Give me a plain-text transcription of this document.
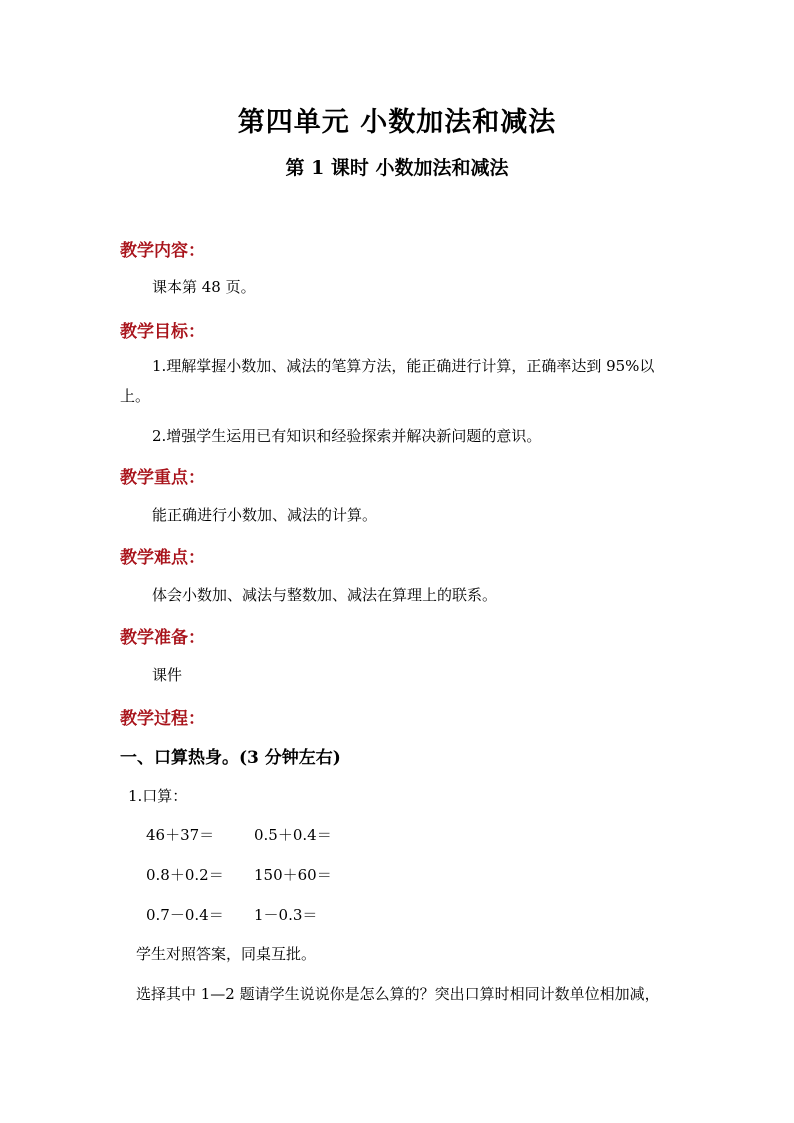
第四单元 小数加法和减法
第 1 课时 小数加法和减法
教学内容：
课本第 48 页。
教学目标：
1.理解掌握小数加、减法的笔算方法，能正确进行计算，正确率达到 95%以上。
2.增强学生运用已有知识和经验探索并解决新问题的意识。
教学重点：
能正确进行小数加、减法的计算。
教学难点：
体会小数加、减法与整数加、减法在算理上的联系。
教学准备：
课件
教学过程：
一、口算热身。(3 分钟左右)
1.口算：
46＋37＝	0.5＋0.4＝
0.8＋0.2＝ 150＋60＝
0.7－0.4＝ 1－0.3＝
学生对照答案，同桌互批。
选择其中 1—2 题请学生说说你是怎么算的？突出口算时相同计数单位相加减，
